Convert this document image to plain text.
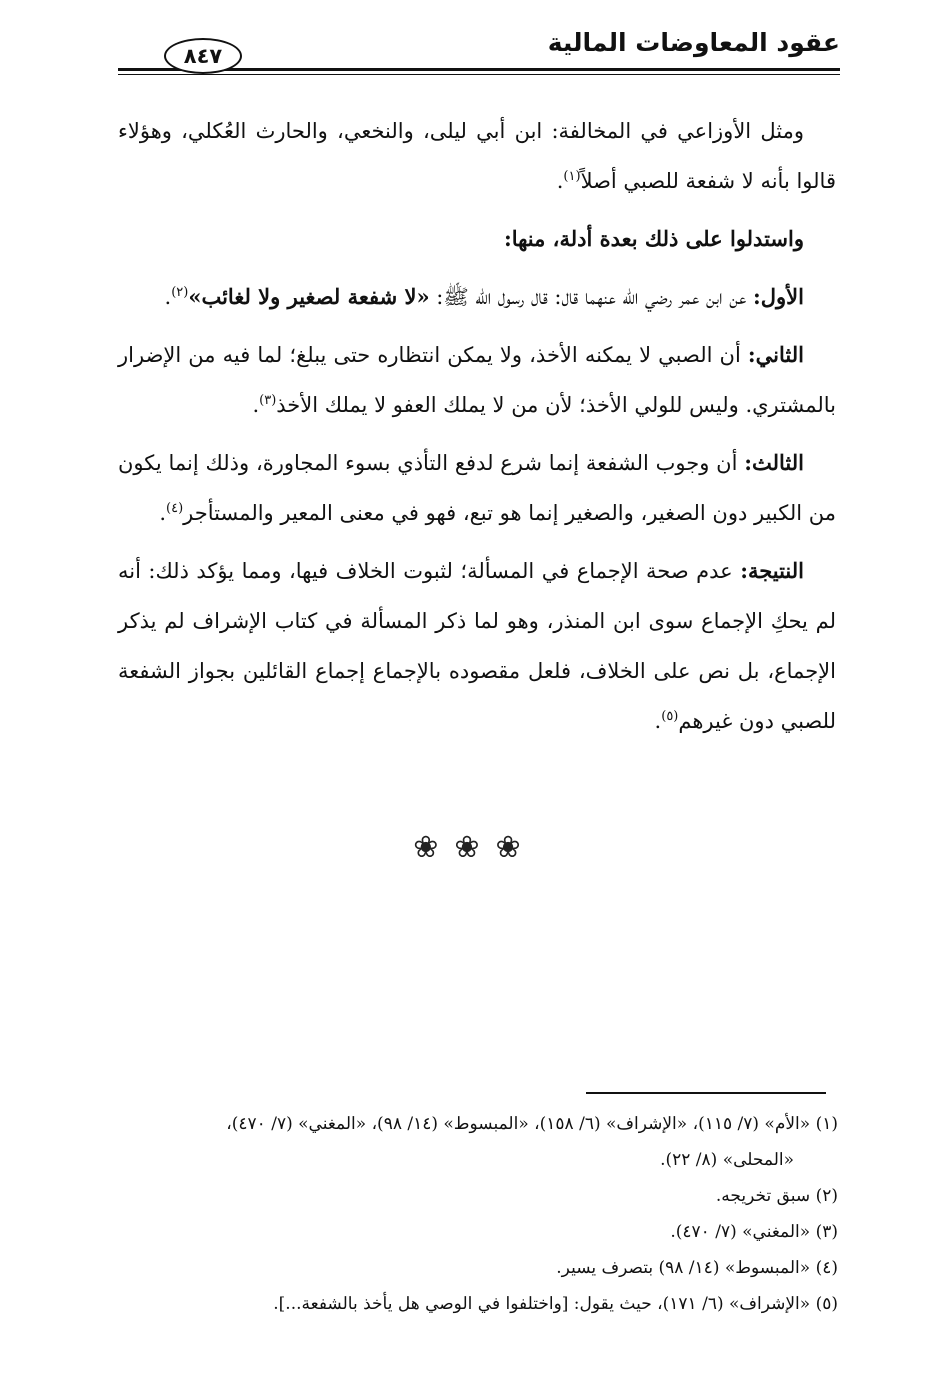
عقود المعاوضات المالية
٨٤٧

ومثل الأوزاعي في المخالفة: ابن أبي ليلى، والنخعي، والحارث العُكلي، وهؤلاء قالوا بأنه لا شفعة للصبي أصلاً$^{(١)}$.

واستدلوا على ذلك بعدة أدلة، منها:

الأول: عن ابن عمر رضي الله عنهما قال: قال رسول الله ﷺ: «لا شفعة لصغير ولا لغائب»$^{(٢)}$.

الثاني: أن الصبي لا يمكنه الأخذ، ولا يمكن انتظاره حتى يبلغ؛ لما فيه من الإضرار بالمشتري. وليس للولي الأخذ؛ لأن من لا يملك العفو لا يملك الأخذ$^{(٣)}$.

الثالث: أن وجوب الشفعة إنما شرع لدفع التأذي بسوء المجاورة، وذلك إنما يكون من الكبير دون الصغير، والصغير إنما هو تبع، فهو في معنى المعير والمستأجر$^{(٤)}$.

النتيجة: عدم صحة الإجماع في المسألة؛ لثبوت الخلاف فيها، ومما يؤكد ذلك: أنه لم يحكِ الإجماع سوى ابن المنذر، وهو لما ذكر المسألة في كتاب الإشراف لم يذكر الإجماع، بل نص على الخلاف، فلعل مقصوده بالإجماع إجماع القائلين بجواز الشفعة للصبي دون غيرهم$^{(٥)}$.

❀❀❀

(١) «الأم» (٧/ ١١٥)، «الإشراف» (٦/ ١٥٨)، «المبسوط» (١٤/ ٩٨)، «المغني» (٧/ ٤٧٠)،

«المحلى» (٨/ ٢٢).

(٢) سبق تخريجه.

(٣) «المغني» (٧/ ٤٧٠).

(٤) «المبسوط» (١٤/ ٩٨) بتصرف يسير.

(٥) «الإشراف» (٦/ ١٧١)، حيث يقول: [واختلفوا في الوصي هل يأخذ بالشفعة...].
